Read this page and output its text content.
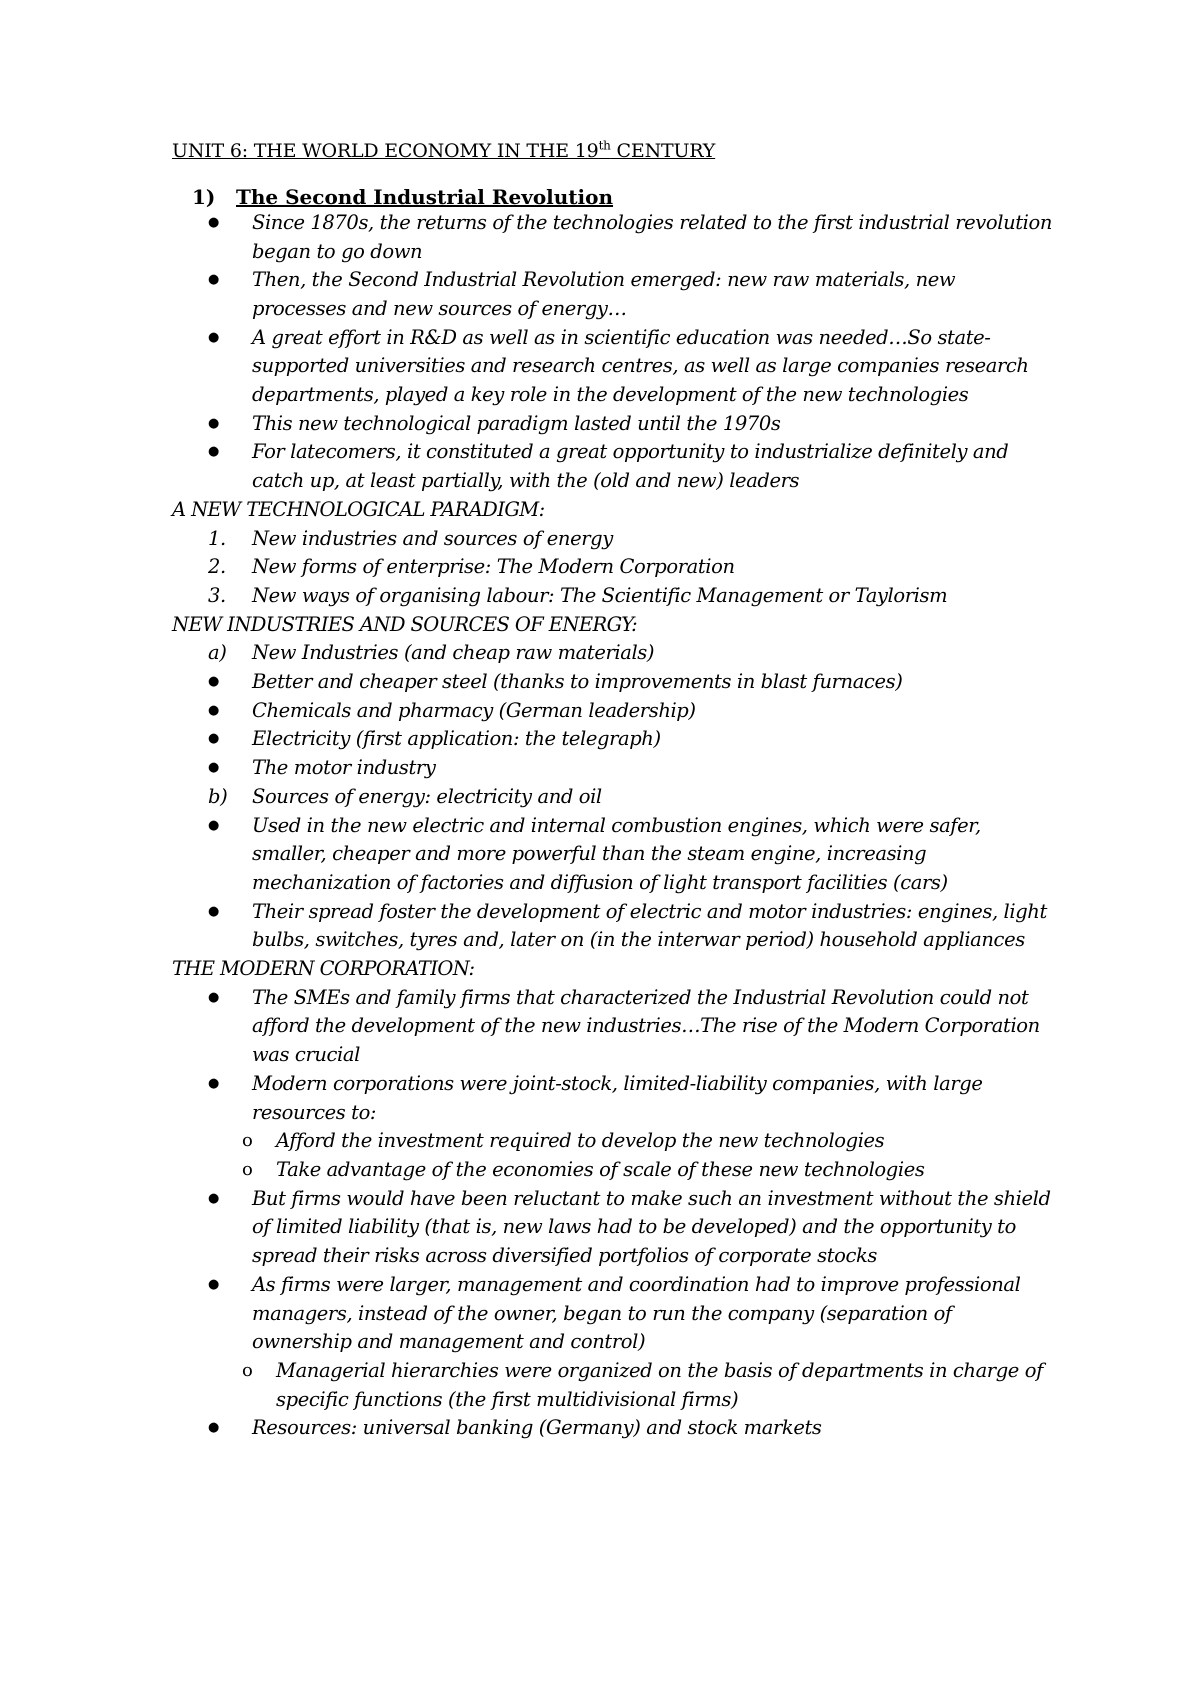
UNIT 6: THE WORLD ECONOMY IN THE 19th CENTURY
1)	The Second Industrial Revolution
●	Since 1870s, the returns of the technologies related to the first industrial revolution began to go down
●	Then, the Second Industrial Revolution emerged: new raw materials, new processes and new sources of energy…
●	A great effort in R&D as well as in scientific education was needed…So state-supported universities and research centres, as well as large companies research departments, played a key role in the development of the new technologies
●	This new technological paradigm lasted until the 1970s
●	For latecomers, it constituted a great opportunity to industrialize definitely and catch up, at least partially, with the (old and new) leaders
A NEW TECHNOLOGICAL PARADIGM:
1.	New industries and sources of energy
2.	New forms of enterprise: The Modern Corporation
3.	New ways of organising labour: The Scientific Management or Taylorism
NEW INDUSTRIES AND SOURCES OF ENERGY:
a)	New Industries (and cheap raw materials)
●	Better and cheaper steel (thanks to improvements in blast furnaces)
●	Chemicals and pharmacy (German leadership)
●	Electricity (first application: the telegraph)
●	The motor industry
b)	Sources of energy: electricity and oil
●	Used in the new electric and internal combustion engines, which were safer, smaller, cheaper and more powerful than the steam engine, increasing mechanization of factories and diffusion of light transport facilities (cars)
●	Their spread foster the development of electric and motor industries: engines, light bulbs, switches, tyres and, later on (in the interwar period) household appliances
THE MODERN CORPORATION:
●	The SMEs and family firms that characterized the Industrial Revolution could not afford the development of the new industries…The rise of the Modern Corporation was crucial
●	Modern corporations were joint-stock, limited-liability companies, with large resources to:
o	Afford the investment required to develop the new technologies
o	Take advantage of the economies of scale of these new technologies
●	But firms would have been reluctant to make such an investment without the shield of limited liability (that is, new laws had to be developed) and the opportunity to spread their risks across diversified portfolios of corporate stocks
●	As firms were larger, management and coordination had to improve professional managers, instead of the owner, began to run the company (separation of ownership and management and control)
o	Managerial hierarchies were organized on the basis of departments in charge of specific functions (the first multidivisional firms)
●	Resources: universal banking (Germany) and stock markets
